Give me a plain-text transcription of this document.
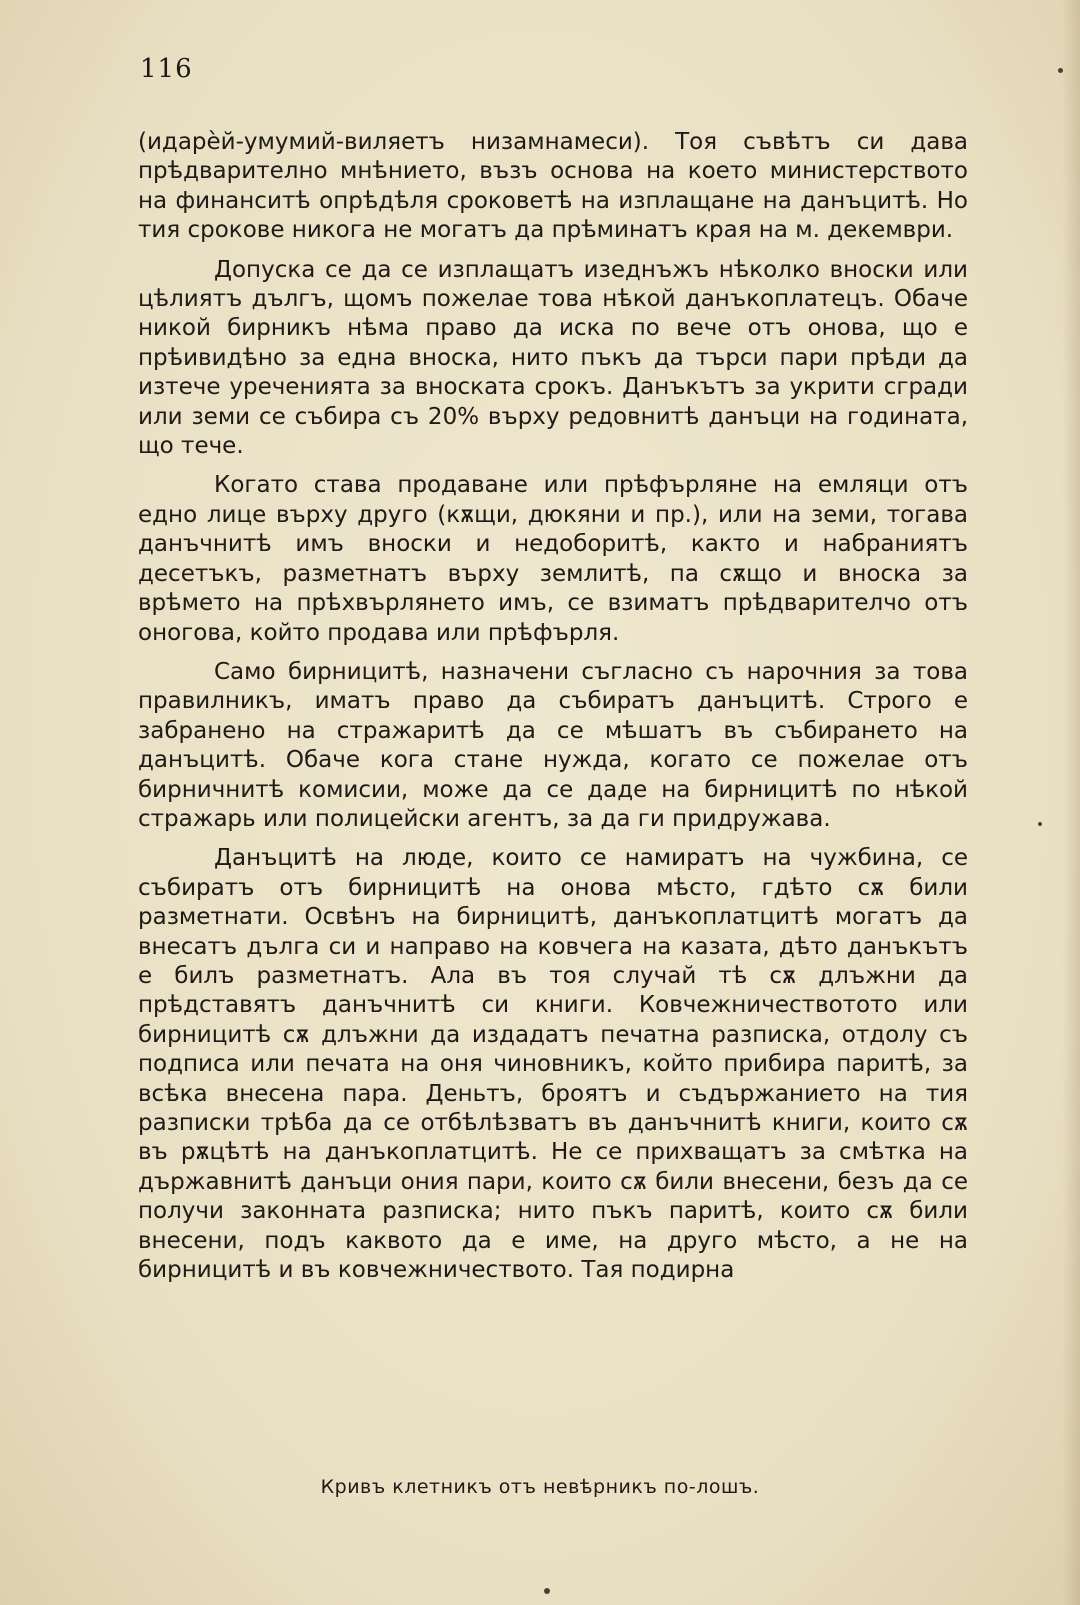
116

(идарѐй-умумий-виляетъ низамнамеси). Тоя съвѣтъ си дава прѣдварително мнѣнието, възъ основа на което министерството на финанситѣ опрѣдѣля сроковетѣ на изплащане на данъцитѣ. Но тия срокове никога не могатъ да прѣминатъ края на м. декември.

Допуска се да се изплащатъ изеднъжъ нѣколко вноски или цѣлиятъ дългъ, щомъ пожелае това нѣкой данъкоплатецъ. Обаче никой бирникъ нѣма право да иска по вече отъ онова, що е прѣивидѣно за една вноска, нито пъкъ да търси пари прѣди да изтече уреченията за вноската срокъ. Данъкътъ за укрити сгради или земи се събира съ 20% върху редовнитѣ данъци на годината, що тече.

Когато става продаване или прѣфърляне на емляци отъ едно лице върху друго (кѫщи, дюкяни и пр.), или на земи, тогава данъчнитѣ имъ вноски и недоборитѣ, както и набраниятъ десетъкъ, разметнатъ върху землитѣ, па сѫщо и вноска за врѣмето на прѣхвърлянето имъ, се взиматъ прѣдварителчо отъ оногова, който продава или прѣфърля.

Само бирницитѣ, назначени съгласно съ нарочния за това правилникъ, иматъ право да събиратъ данъцитѣ. Строго е забранено на стражаритѣ да се мѣшатъ въ събирането на данъцитѣ. Обаче кога стане нужда, когато се пожелае отъ бирничнитѣ комисии, може да се даде на бирницитѣ по нѣкой стражарь или полицейски агентъ, за да ги придружава.

Данъцитѣ на люде, които се намиратъ на чужбина, се събиратъ отъ бирницитѣ на онова мѣсто, гдѣто сѫ били разметнати. Освѣнъ на бирницитѣ, данъкоплатцитѣ могатъ да внесатъ дълга си и направо на ковчега на казата, дѣто данъкътъ е билъ разметнатъ. Ала въ тоя случай тѣ сѫ длъжни да прѣдставятъ данъчнитѣ си книги. Ковчежничествотото или бирницитѣ сѫ длъжни да издадатъ печатна разписка, отдолу съ подписа или печата на оня чиновникъ, който прибира паритѣ, за всѣка внесена пара. Деньтъ, броятъ и съдържанието на тия разписки трѣба да се отбѣлѣзватъ въ данъчнитѣ книги, които сѫ въ рѫцѣтѣ на данъкоплатцитѣ. Не се прихващатъ за смѣтка на държавнитѣ данъци ония пари, които сѫ били внесени, безъ да се получи законната разписка; нито пъкъ паритѣ, които сѫ били внесени, подъ каквото да е име, на друго мѣсто, а не на бирницитѣ и въ ковчежничеството. Тая подирна

Кривъ клетникъ отъ невѣрникъ по-лошъ.
